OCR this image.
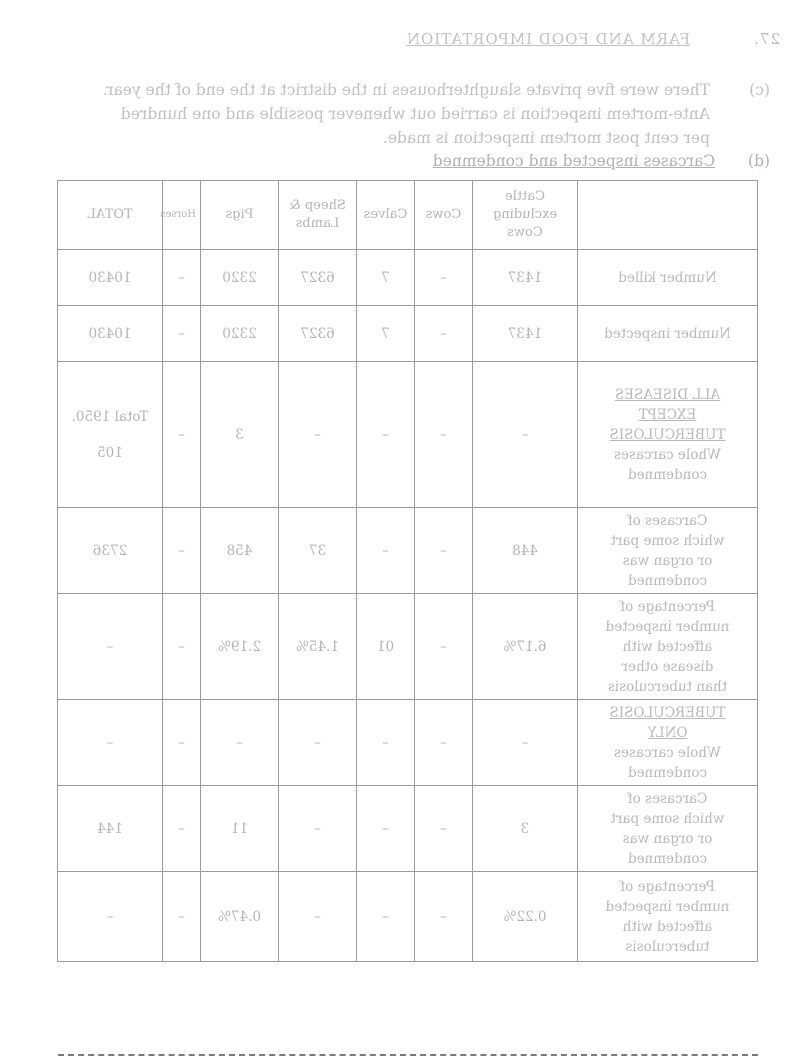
27.
FARM AND FOOD IMPORTATION
(c)
There were five private slaughterhouses in the district at the end of the year. Ante-mortem inspection is carried out whenever possible and one hundred per cent post mortem inspection is made.
(d) Carcases inspected and condemned
	Cattle excluding Cows	Cows	Calves	Sheep & Lambs	Pigs	Horses	TOTAL

Number killed	1437	–	7	6327	2320	–	10430

Number inspected	1437	–	7	6327	2320	–	10430

ALL DISEASES
EXCEPT
TUBERCULOSIS
Whole carcases
condemned	–	–	–	–	3	–	Total 1950.
105

Carcases of
which some part
or organ was
condemned	448	–	–	37	458	–	2736

Percentage of
number inspected
affected with
disease other
than tuberculosis	6.17%	–	01	1.45%	2.19%	–	–

TUBERCULOSIS
ONLY
Whole carcases
condemned	–	–	–	–	–	–	–

Carcases of
which some part
or organ was
condemned	3	–	–	–	11	–	144

Percentage of
number inspected
affected with
tuberculosis	0.22%	–	–	–	0.47%	–	–
